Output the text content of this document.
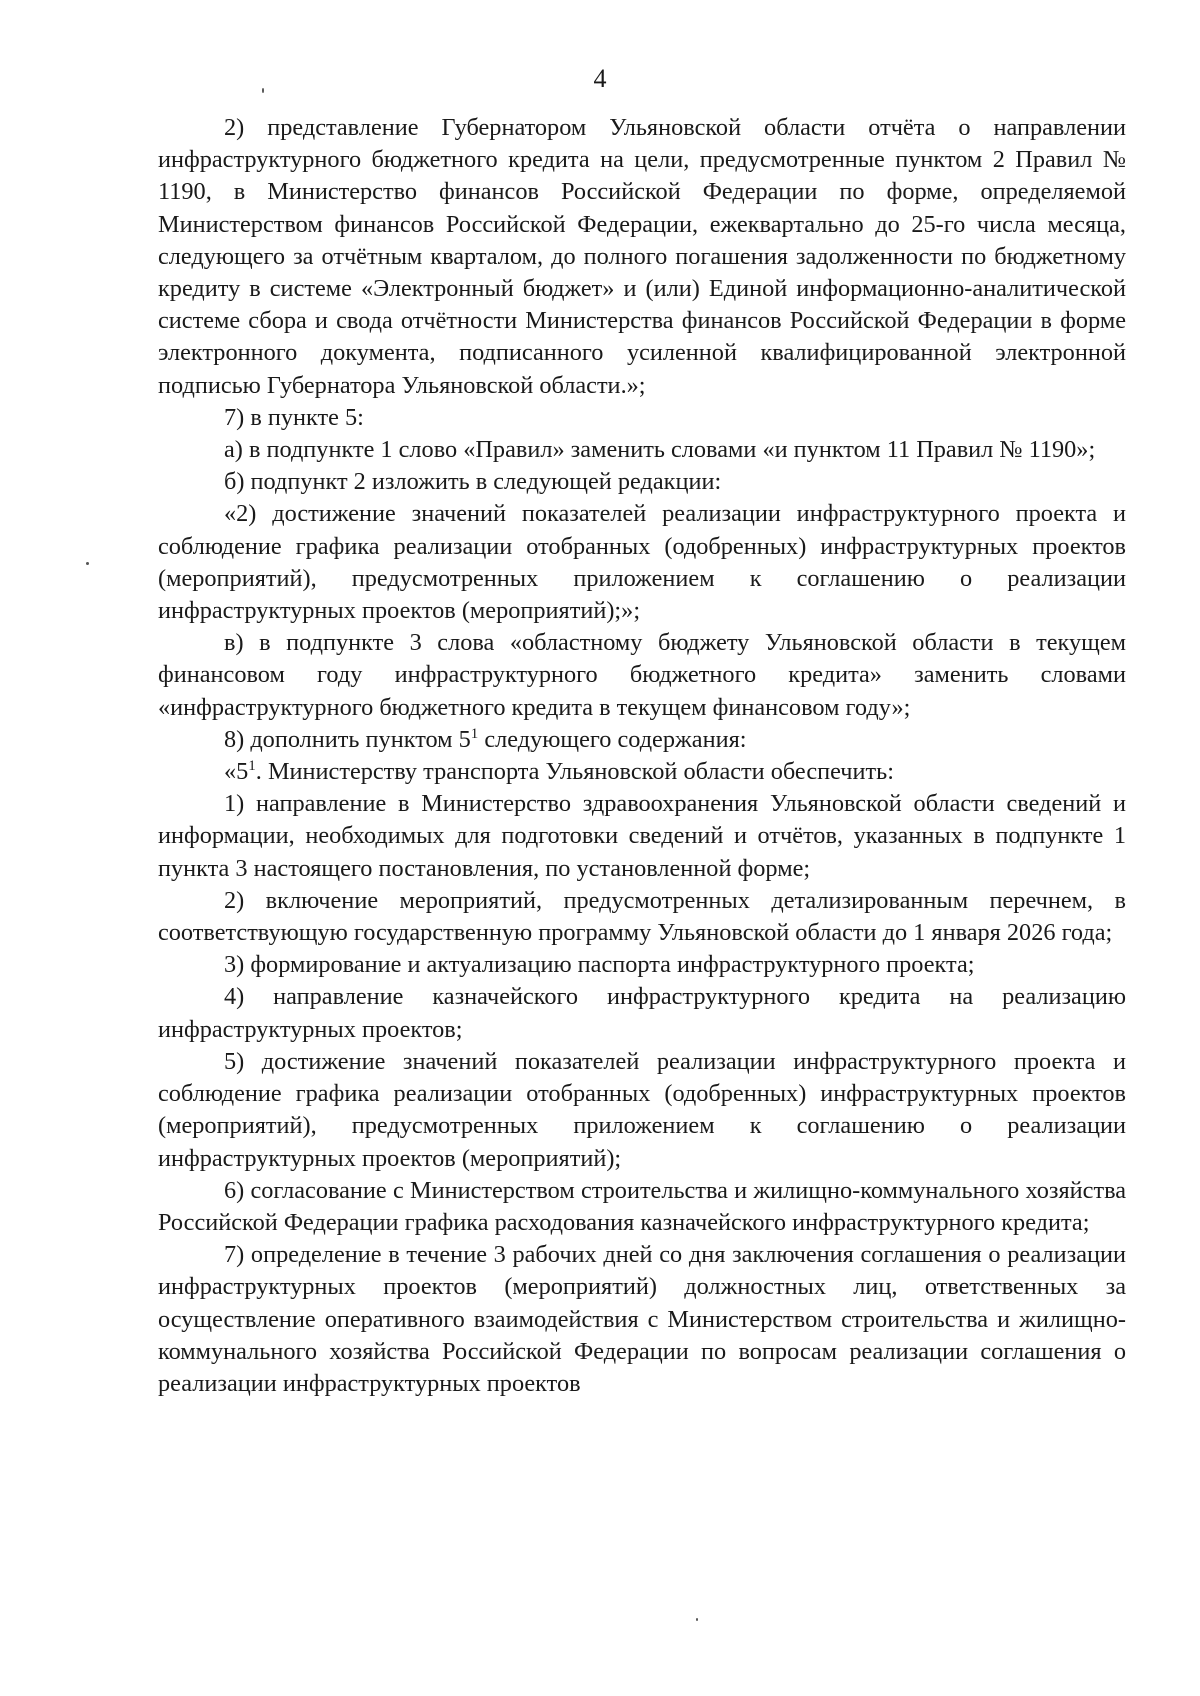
4

2) представление Губернатором Ульяновской области отчёта о направлении инфраструктурного бюджетного кредита на цели, предусмотренные пунктом 2 Правил № 1190, в Министерство финансов Российской Федерации по форме, определяемой Министерством финансов Российской Федерации, ежеквартально до 25-го числа месяца, следующего за отчётным кварталом, до полного погашения задолженности по бюджетному кредиту в системе «Электронный бюджет» и (или) Единой информационно-аналитической системе сбора и свода отчётности Министерства финансов Российской Федерации в форме электронного документа, подписанного усиленной квалифицированной электронной подписью Губернатора Ульяновской области.»;

7) в пункте 5:

а) в подпункте 1 слово «Правил» заменить словами «и пунктом 11 Правил № 1190»;

б) подпункт 2 изложить в следующей редакции:

«2) достижение значений показателей реализации инфраструктурного проекта и соблюдение графика реализации отобранных (одобренных) инфраструктурных проектов (мероприятий), предусмотренных приложением к соглашению о реализации инфраструктурных проектов (мероприятий);»;

в) в подпункте 3 слова «областному бюджету Ульяновской области в текущем финансовом году инфраструктурного бюджетного кредита» заменить словами «инфраструктурного бюджетного кредита в текущем финансовом году»;

8) дополнить пунктом $5^1$ следующего содержания:

«$5^1$. Министерству транспорта Ульяновской области обеспечить:

1) направление в Министерство здравоохранения Ульяновской области сведений и информации, необходимых для подготовки сведений и отчётов, указанных в подпункте 1 пункта 3 настоящего постановления, по установленной форме;

2) включение мероприятий, предусмотренных детализированным перечнем, в соответствующую государственную программу Ульяновской области до 1 января 2026 года;

3) формирование и актуализацию паспорта инфраструктурного проекта;

4) направление казначейского инфраструктурного кредита на реализацию инфраструктурных проектов;

5) достижение значений показателей реализации инфраструктурного проекта и соблюдение графика реализации отобранных (одобренных) инфраструктурных проектов (мероприятий), предусмотренных приложением к соглашению о реализации инфраструктурных проектов (мероприятий);

6) согласование с Министерством строительства и жилищно-коммунального хозяйства Российской Федерации графика расходования казначейского инфраструктурного кредита;

7) определение в течение 3 рабочих дней со дня заключения соглашения о реализации инфраструктурных проектов (мероприятий) должностных лиц, ответственных за осуществление оперативного взаимодействия с Министерством строительства и жилищно-коммунального хозяйства Российской Федерации по вопросам реализации соглашения о реализации инфраструктурных проектов
